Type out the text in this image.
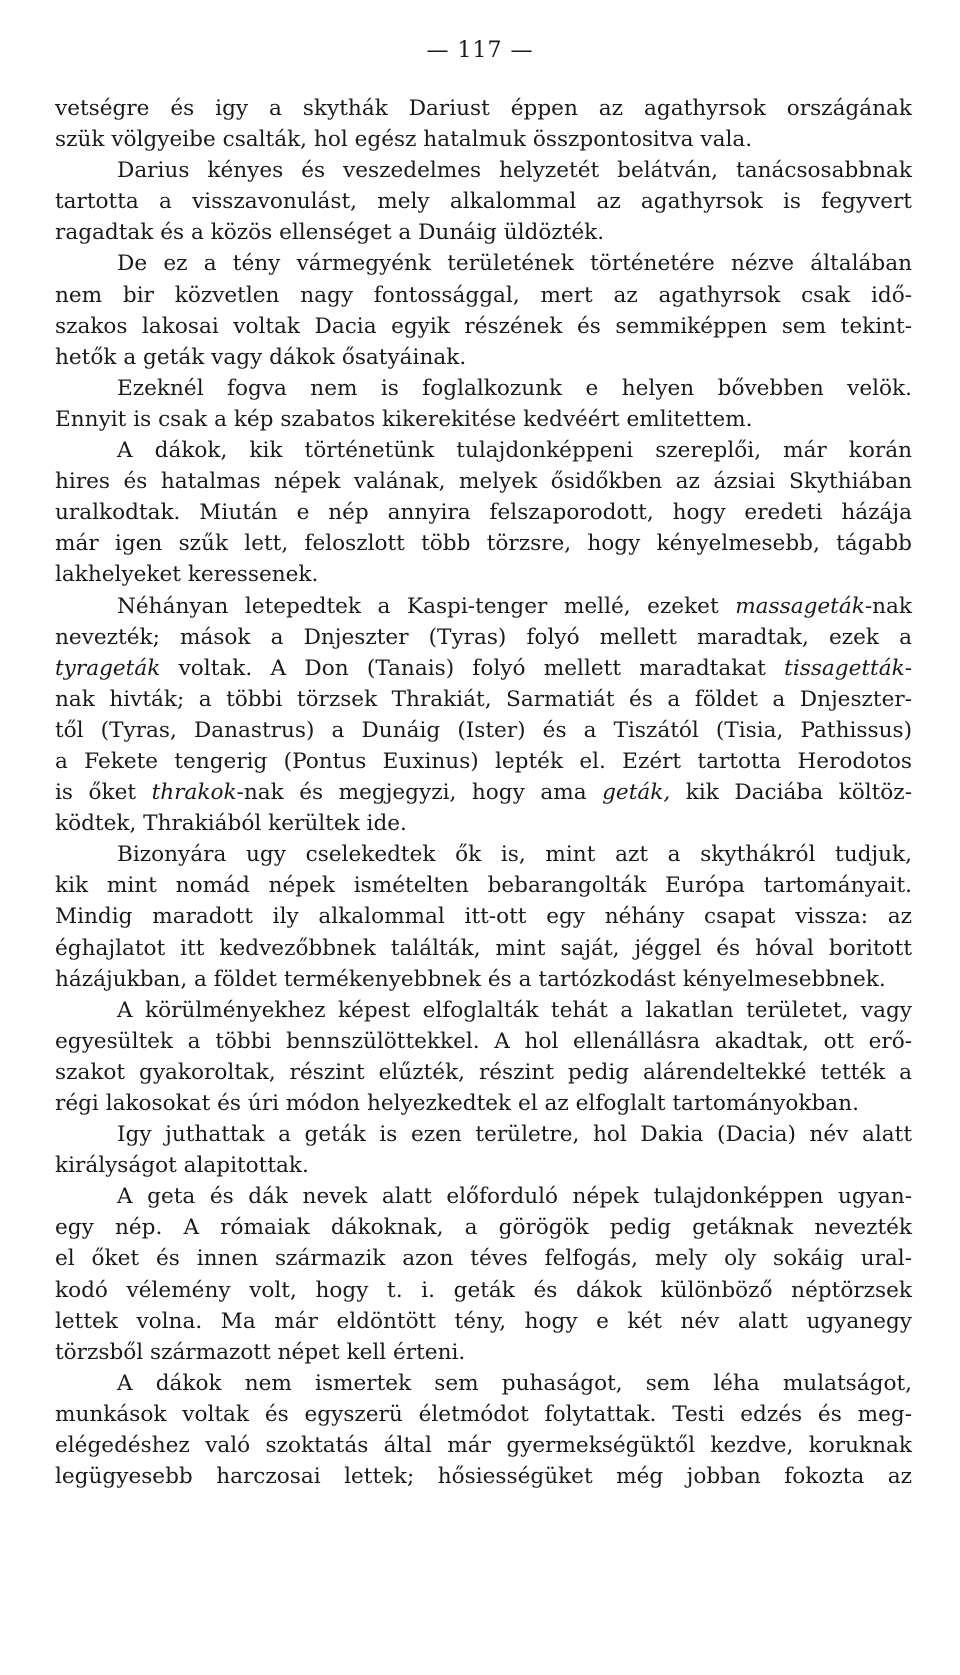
— 117 —
vetségre és igy a skythák Dariust éppen az agathyrsok országának
szük völgyeibe csalták, hol egész hatalmuk összpontositva vala.
Darius kényes és veszedelmes helyzetét belátván, tanácsosabbnak
tartotta a visszavonulást, mely alkalommal az agathyrsok is fegyvert
ragadtak és a közös ellenséget a Dunáig üldözték.
De ez a tény vármegyénk területének történetére nézve általában
nem bir közvetlen nagy fontossággal, mert az agathyrsok csak idő-
szakos lakosai voltak Dacia egyik részének és semmiképpen sem tekint-
hetők a geták vagy dákok ősatyáinak.
Ezeknél fogva nem is foglalkozunk e helyen bővebben velök.
Ennyit is csak a kép szabatos kikerekitése kedvéért emlitettem.
A dákok, kik történetünk tulajdonképpeni szereplői, már korán
hires és hatalmas népek valának, melyek ősidőkben az ázsiai Skythiában
uralkodtak. Miután e nép annyira felszaporodott, hogy eredeti házája
már igen szűk lett, feloszlott több törzsre, hogy kényelmesebb, tágabb
lakhelyeket keressenek.
Néhányan letepedtek a Kaspi-tenger mellé, ezeket massageták-nak
nevezték; mások a Dnjeszter (Tyras) folyó mellett maradtak, ezek a
tyrageták voltak. A Don (Tanais) folyó mellett maradtakat tissagetták-
nak hivták; a többi törzsek Thrakiát, Sarmatiát és a földet a Dnjeszter-
től (Tyras, Danastrus) a Dunáig (Ister) és a Tiszától (Tisia, Pathissus)
a Fekete tengerig (Pontus Euxinus) lepték el. Ezért tartotta Herodotos
is őket thrakok-nak és megjegyzi, hogy ama geták, kik Daciába költöz-
ködtek, Thrakiából kerültek ide.
Bizonyára ugy cselekedtek ők is, mint azt a skythákról tudjuk,
kik mint nomád népek ismételten bebarangolták Európa tartományait.
Mindig maradott ily alkalommal itt-ott egy néhány csapat vissza: az
éghajlatot itt kedvezőbbnek találták, mint saját, jéggel és hóval boritott
házájukban, a földet termékenyebbnek és a tartózkodást kényelmesebbnek.
A körülményekhez képest elfoglalták tehát a lakatlan területet, vagy
egyesültek a többi bennszülöttekkel. A hol ellenállásra akadtak, ott erő-
szakot gyakoroltak, részint elűzték, részint pedig alárendeltekké tették a
régi lakosokat és úri módon helyezkedtek el az elfoglalt tartományokban.
Igy juthattak a geták is ezen területre, hol Dakia (Dacia) név alatt
királyságot alapitottak.
A geta és dák nevek alatt előforduló népek tulajdonképpen ugyan-
egy nép. A rómaiak dákoknak, a görögök pedig getáknak nevezték
el őket és innen származik azon téves felfogás, mely oly sokáig ural-
kodó vélemény volt, hogy t. i. geták és dákok különböző néptörzsek
lettek volna. Ma már eldöntött tény, hogy e két név alatt ugyanegy
törzsből származott népet kell érteni.
A dákok nem ismertek sem puhaságot, sem léha mulatságot,
munkások voltak és egyszerü életmódot folytattak. Testi edzés és meg-
elégedéshez való szoktatás által már gyermekségüktől kezdve, koruknak
legügyesebb harczosai lettek; hősiességüket még jobban fokozta az
